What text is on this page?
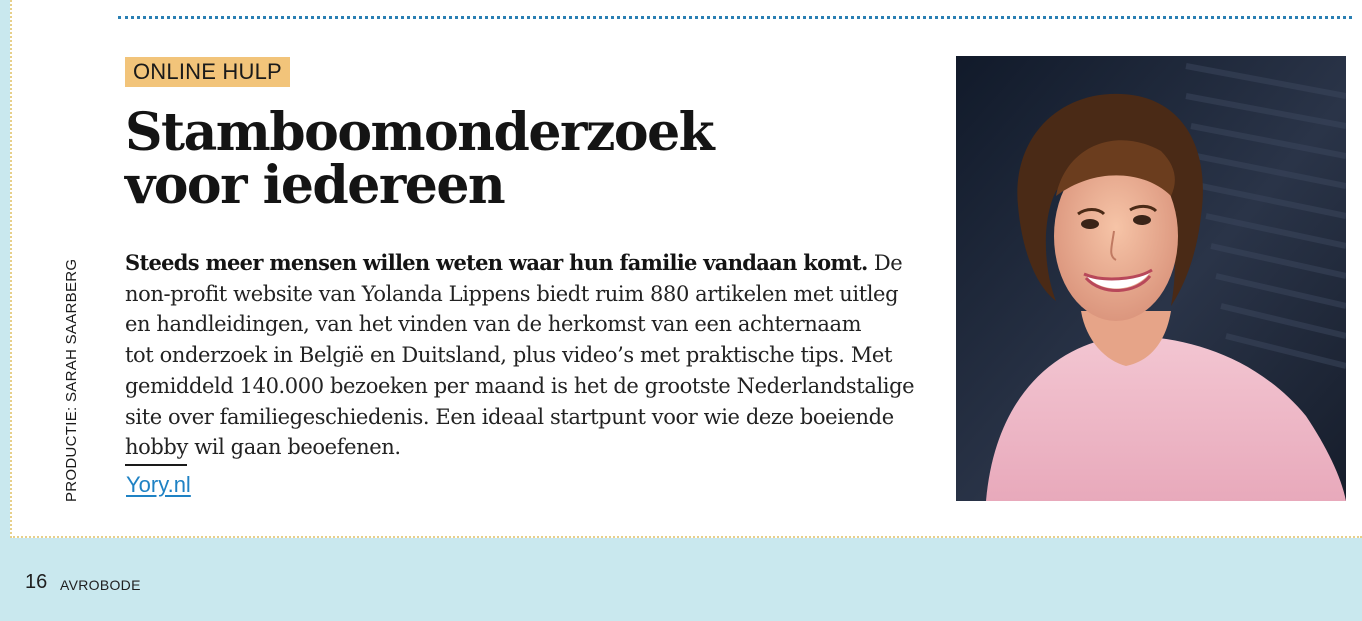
PRODUCTIE: SARAH SAARBERG
ONLINE HULP
Stamboomonderzoek
voor iedereen

Steeds meer mensen willen weten waar hun familie vandaan komt. De
non-profit website van Yolanda Lippens biedt ruim 880 artikelen met uitleg
en handleidingen, van het vinden van de herkomst van een achternaam
tot onderzoek in België en Duitsland, plus video’s met praktische tips. Met
gemiddeld 140.000 bezoeken per maand is het de grootste Nederlandstalige
site over familiegeschiedenis. Een ideaal startpunt voor wie deze boeiende
hobby wil gaan beoefenen.

Yory.nl
16 AVROBODE
